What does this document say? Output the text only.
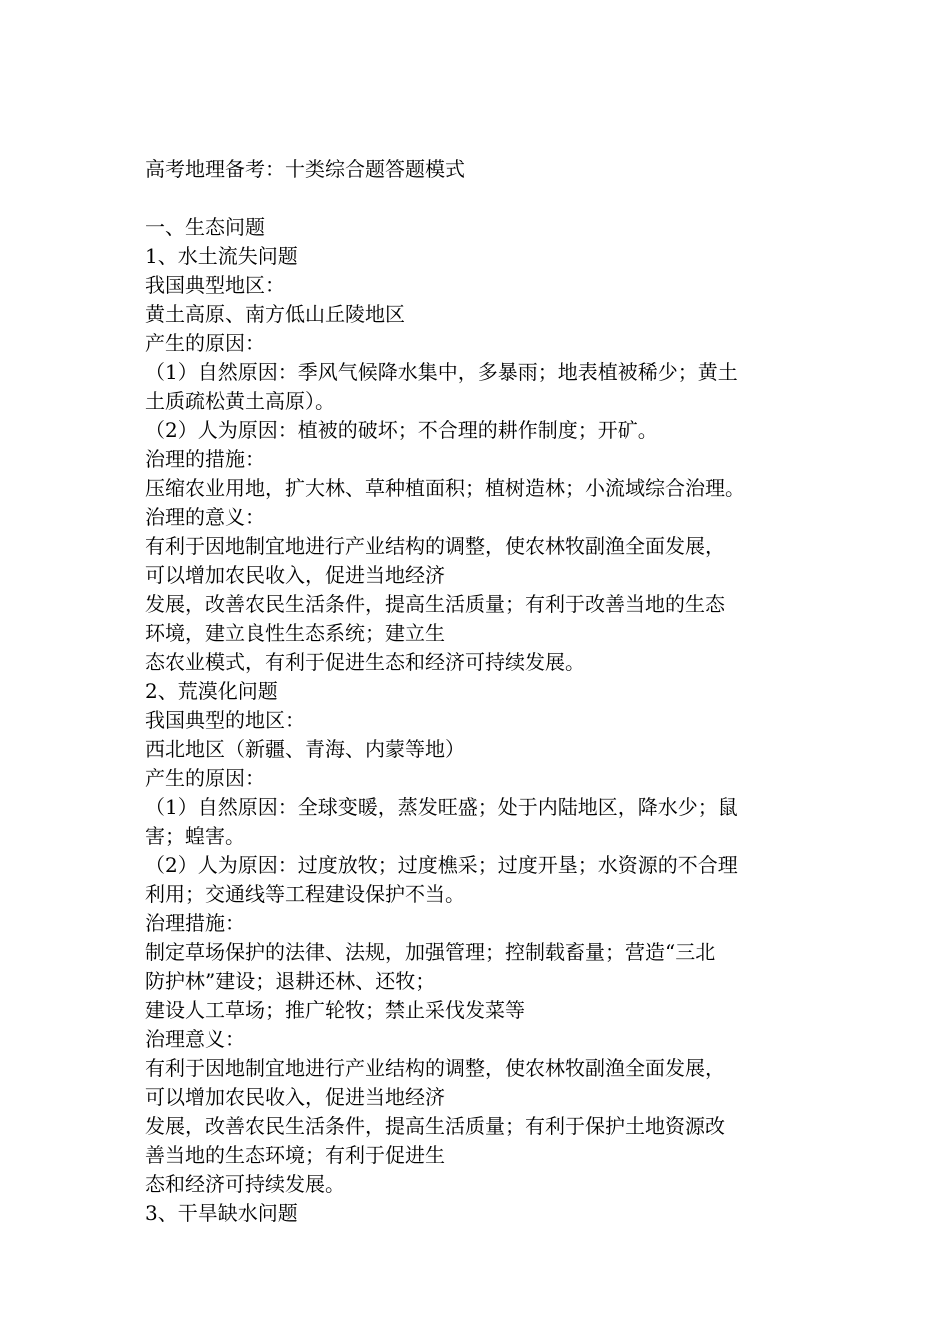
高考地理备考：十类综合题答题模式
一、生态问题
1、水土流失问题
我国典型地区：
黄土高原、南方低山丘陵地区
产生的原因：
（1）自然原因：季风气候降水集中，多暴雨；地表植被稀少；黄土
土质疏松黄土高原）。
（2）人为原因：植被的破坏；不合理的耕作制度；开矿。
治理的措施：
压缩农业用地，扩大林、草种植面积；植树造林；小流域综合治理。
治理的意义：
有利于因地制宜地进行产业结构的调整，使农林牧副渔全面发展，
可以增加农民收入，促进当地经济
发展，改善农民生活条件，提高生活质量；有利于改善当地的生态
环境，建立良性生态系统；建立生
态农业模式，有利于促进生态和经济可持续发展。
2、荒漠化问题
我国典型的地区：
西北地区（新疆、青海、内蒙等地）
产生的原因：
（1）自然原因：全球变暖，蒸发旺盛；处于内陆地区，降水少；鼠
害；蝗害。
（2）人为原因：过度放牧；过度樵采；过度开垦；水资源的不合理
利用；交通线等工程建设保护不当。
治理措施：
制定草场保护的法律、法规，加强管理；控制载畜量；营造“三北
防护林”建设；退耕还林、还牧；
建设人工草场；推广轮牧；禁止采伐发菜等
治理意义：
有利于因地制宜地进行产业结构的调整，使农林牧副渔全面发展，
可以增加农民收入，促进当地经济
发展，改善农民生活条件，提高生活质量；有利于保护土地资源改
善当地的生态环境；有利于促进生
态和经济可持续发展。
3、干旱缺水问题
